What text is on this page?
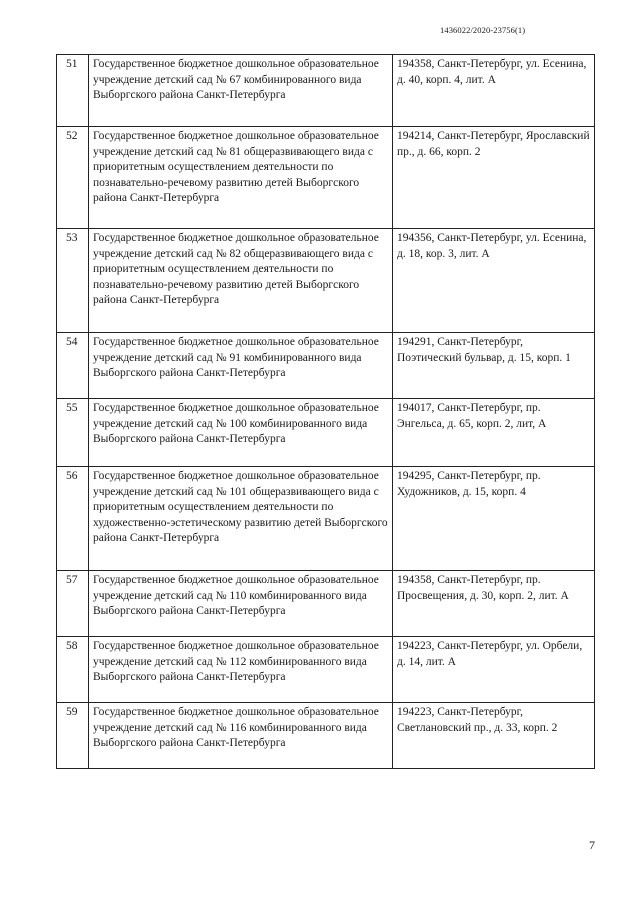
1436022/2020-23756(1)
51	Государственное бюджетное дошкольное образовательное учреждение детский сад № 67 комбинированного вида Выборгского района Санкт-Петербурга	194358, Санкт-Петербург, ул. Есенина, д. 40, корп. 4, лит. А
52	Государственное бюджетное дошкольное образовательное учреждение детский сад № 81 общеразвивающего вида с приоритетным осуществлением деятельности по познавательно-речевому развитию детей Выборгского района Санкт-Петербурга	194214, Санкт-Петербург, Ярославский пр., д. 66, корп. 2
53	Государственное бюджетное дошкольное образовательное учреждение детский сад № 82 общеразвивающего вида с приоритетным осуществлением деятельности по познавательно-речевому развитию детей Выборгского района Санкт-Петербурга	194356, Санкт-Петербург, ул. Есенина, д. 18, кор. 3, лит. А
54	Государственное бюджетное дошкольное образовательное учреждение детский сад № 91 комбинированного вида Выборгского района Санкт-Петербурга	194291, Санкт-Петербург, Поэтический бульвар, д. 15, корп. 1
55	Государственное бюджетное дошкольное образовательное учреждение детский сад № 100 комбинированного вида Выборгского района Санкт-Петербурга	194017, Санкт-Петербург, пр. Энгельса, д. 65, корп. 2, лит, А
56	Государственное бюджетное дошкольное образовательное учреждение детский сад № 101 общеразвивающего вида с приоритетным осуществлением деятельности по художественно-эстетическому развитию детей Выборгского района Санкт-Петербурга	194295, Санкт-Петербург, пр. Художников, д. 15, корп. 4
57	Государственное бюджетное дошкольное образовательное учреждение детский сад № 110 комбинированного вида Выборгского района Санкт-Петербурга	194358, Санкт-Петербург, пр. Просвещения, д. 30, корп. 2, лит. А
58	Государственное бюджетное дошкольное образовательное учреждение детский сад № 112 комбинированного вида Выборгского района Санкт-Петербурга	194223, Санкт-Петербург, ул. Орбели, д. 14, лит. А
59	Государственное бюджетное дошкольное образовательное учреждение детский сад № 116 комбинированного вида Выборгского района Санкт-Петербурга	194223, Санкт-Петербург, Светлановский пр., д. 33, корп. 2
7
